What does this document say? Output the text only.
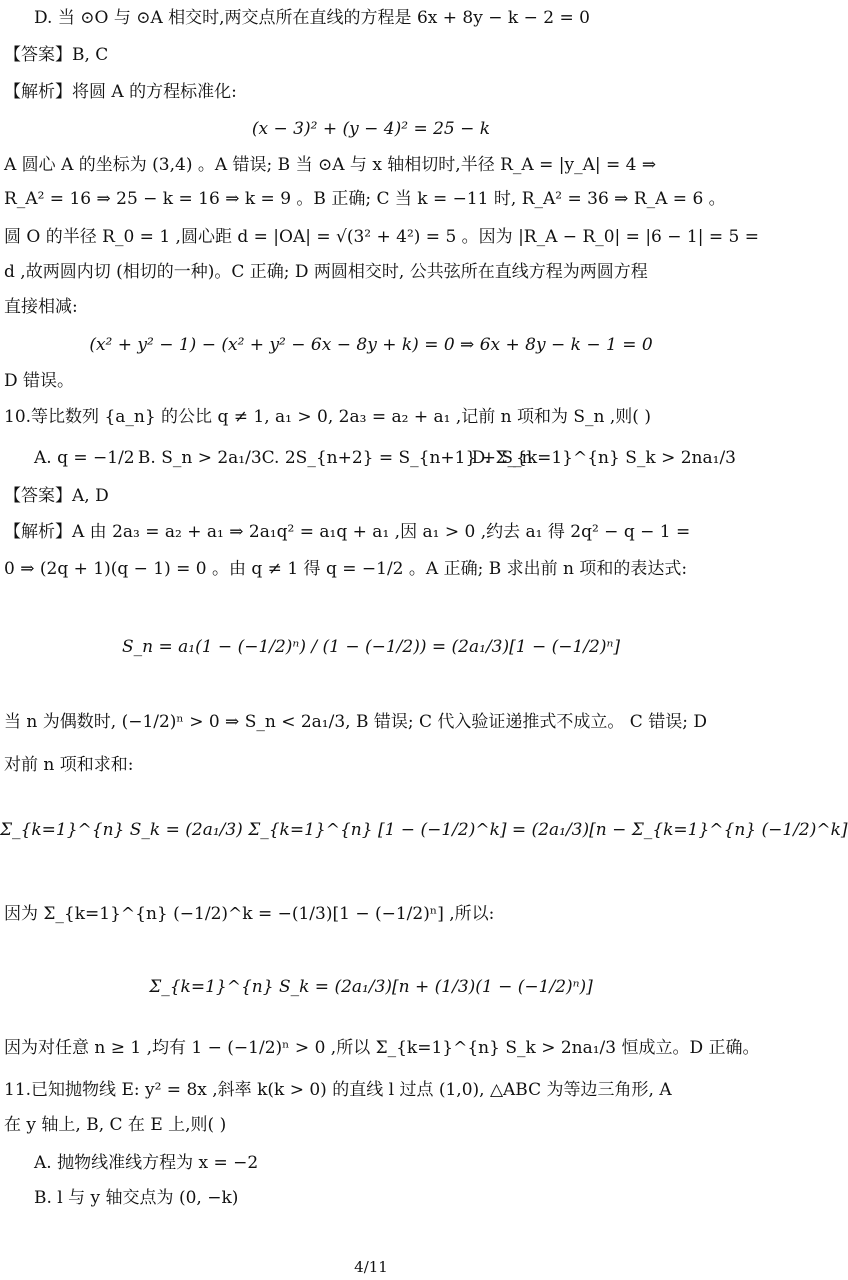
D. 当 ⊙O 与 ⊙A 相交时,两交点所在直线的方程是 6x + 8y − k − 2 = 0
【答案】B, C
【解析】将圆 A 的方程标准化:
(x − 3)² + (y − 4)² = 25 − k
A 圆心 A 的坐标为 (3,4) 。A 错误; B 当 ⊙A 与 x 轴相切时,半径 R_A = |y_A| = 4 ⇒
R_A² = 16 ⇒ 25 − k = 16 ⇒ k = 9 。B 正确; C 当 k = −11 时, R_A² = 36 ⇒ R_A = 6 。
圆 O 的半径 R_0 = 1 ,圆心距 d = |OA| = √(3² + 4²) = 5 。因为 |R_A − R_0| = |6 − 1| = 5 =
d ,故两圆内切 (相切的一种)。C 正确; D 两圆相交时, 公共弦所在直线方程为两圆方程
直接相减:
(x² + y² − 1) − (x² + y² − 6x − 8y + k) = 0 ⇒ 6x + 8y − k − 1 = 0
D 错误。
10.等比数列 {a_n} 的公比 q ≠ 1, a₁ > 0, 2a₃ = a₂ + a₁ ,记前 n 项和为 S_n ,则( )
A. q = −1/2 B. S_n > 2a₁/3 C. 2S_{n+2} = S_{n+1} + S_n
D. Σ_{k=1}^{n} S_k > 2na₁/3
【答案】A, D
【解析】A 由 2a₃ = a₂ + a₁ ⇒ 2a₁q² = a₁q + a₁ ,因 a₁ > 0 ,约去 a₁ 得 2q² − q − 1 =
0 ⇒ (2q + 1)(q − 1) = 0 。由 q ≠ 1 得 q = −1/2 。A 正确; B 求出前 n 项和的表达式:
S_n = a₁(1 − (−1/2)ⁿ) / (1 − (−1/2)) = (2a₁/3)[1 − (−1/2)ⁿ]
当 n 为偶数时, (−1/2)ⁿ > 0 ⇒ S_n < 2a₁/3, B 错误; C 代入验证递推式不成立。 C 错误; D
对前 n 项和求和:
Σ_{k=1}^{n} S_k = (2a₁/3) Σ_{k=1}^{n} [1 − (−1/2)^k] = (2a₁/3)[n − Σ_{k=1}^{n} (−1/2)^k]
因为 Σ_{k=1}^{n} (−1/2)^k = −(1/3)[1 − (−1/2)ⁿ] ,所以:
Σ_{k=1}^{n} S_k = (2a₁/3)[n + (1/3)(1 − (−1/2)ⁿ)]
因为对任意 n ≥ 1 ,均有 1 − (−1/2)ⁿ > 0 ,所以 Σ_{k=1}^{n} S_k > 2na₁/3 恒成立。D 正确。
11.已知抛物线 E: y² = 8x ,斜率 k(k > 0) 的直线 l 过点 (1,0), △ABC 为等边三角形, A
在 y 轴上, B, C 在 E 上,则( )
A. 抛物线准线方程为 x = −2
B. l 与 y 轴交点为 (0, −k)
4/11
